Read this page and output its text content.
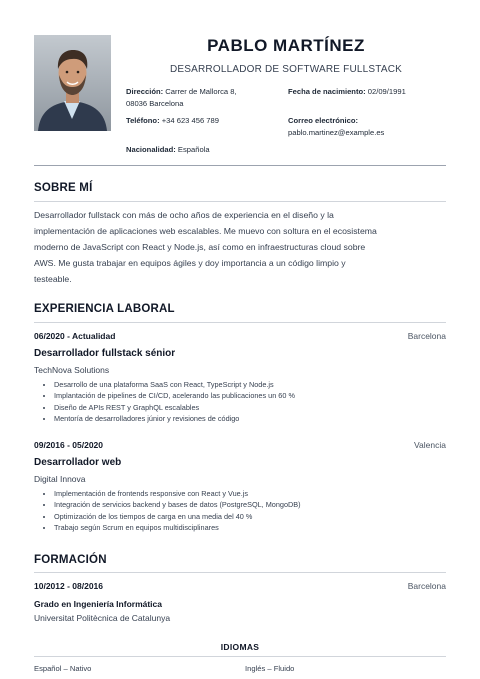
PABLO MARTÍNEZ
DESARROLLADOR DE SOFTWARE FULLSTACK
Dirección: Carrer de Mallorca 8,
08036 Barcelona
Fecha de nacimiento: 02/09/1991
Teléfono: +34 623 456 789	Correo electrónico:
pablo.martinez@example.es
Nacionalidad: Española
SOBRE MÍ
Desarrollador fullstack con más de ocho años de experiencia en el diseño y la
implementación de aplicaciones web escalables. Me muevo con soltura en el ecosistema
moderno de JavaScript con React y Node.js, así como en infraestructuras cloud sobre
AWS. Me gusta trabajar en equipos ágiles y doy importancia a un código limpio y
testeable.
EXPERIENCIA LABORAL
06/2020 - Actualidad	Barcelona
Desarrollador fullstack sénior
TechNova Solutions
• Desarrollo de una plataforma SaaS con React, TypeScript y Node.js
• Implantación de pipelines de CI/CD, acelerando las publicaciones un 60 %
• Diseño de APIs REST y GraphQL escalables
• Mentoría de desarrolladores júnior y revisiones de código
09/2016 - 05/2020	Valencia
Desarrollador web
Digital Innova
• Implementación de frontends responsive con React y Vue.js
• Integración de servicios backend y bases de datos (PostgreSQL, MongoDB)
• Optimización de los tiempos de carga en una media del 40 %
• Trabajo según Scrum en equipos multidisciplinares
FORMACIÓN
10/2012 - 08/2016	Barcelona
Grado en Ingeniería Informática
Universitat Politècnica de Catalunya
IDIOMAS
Español – Nativo	Inglés – Fluido
